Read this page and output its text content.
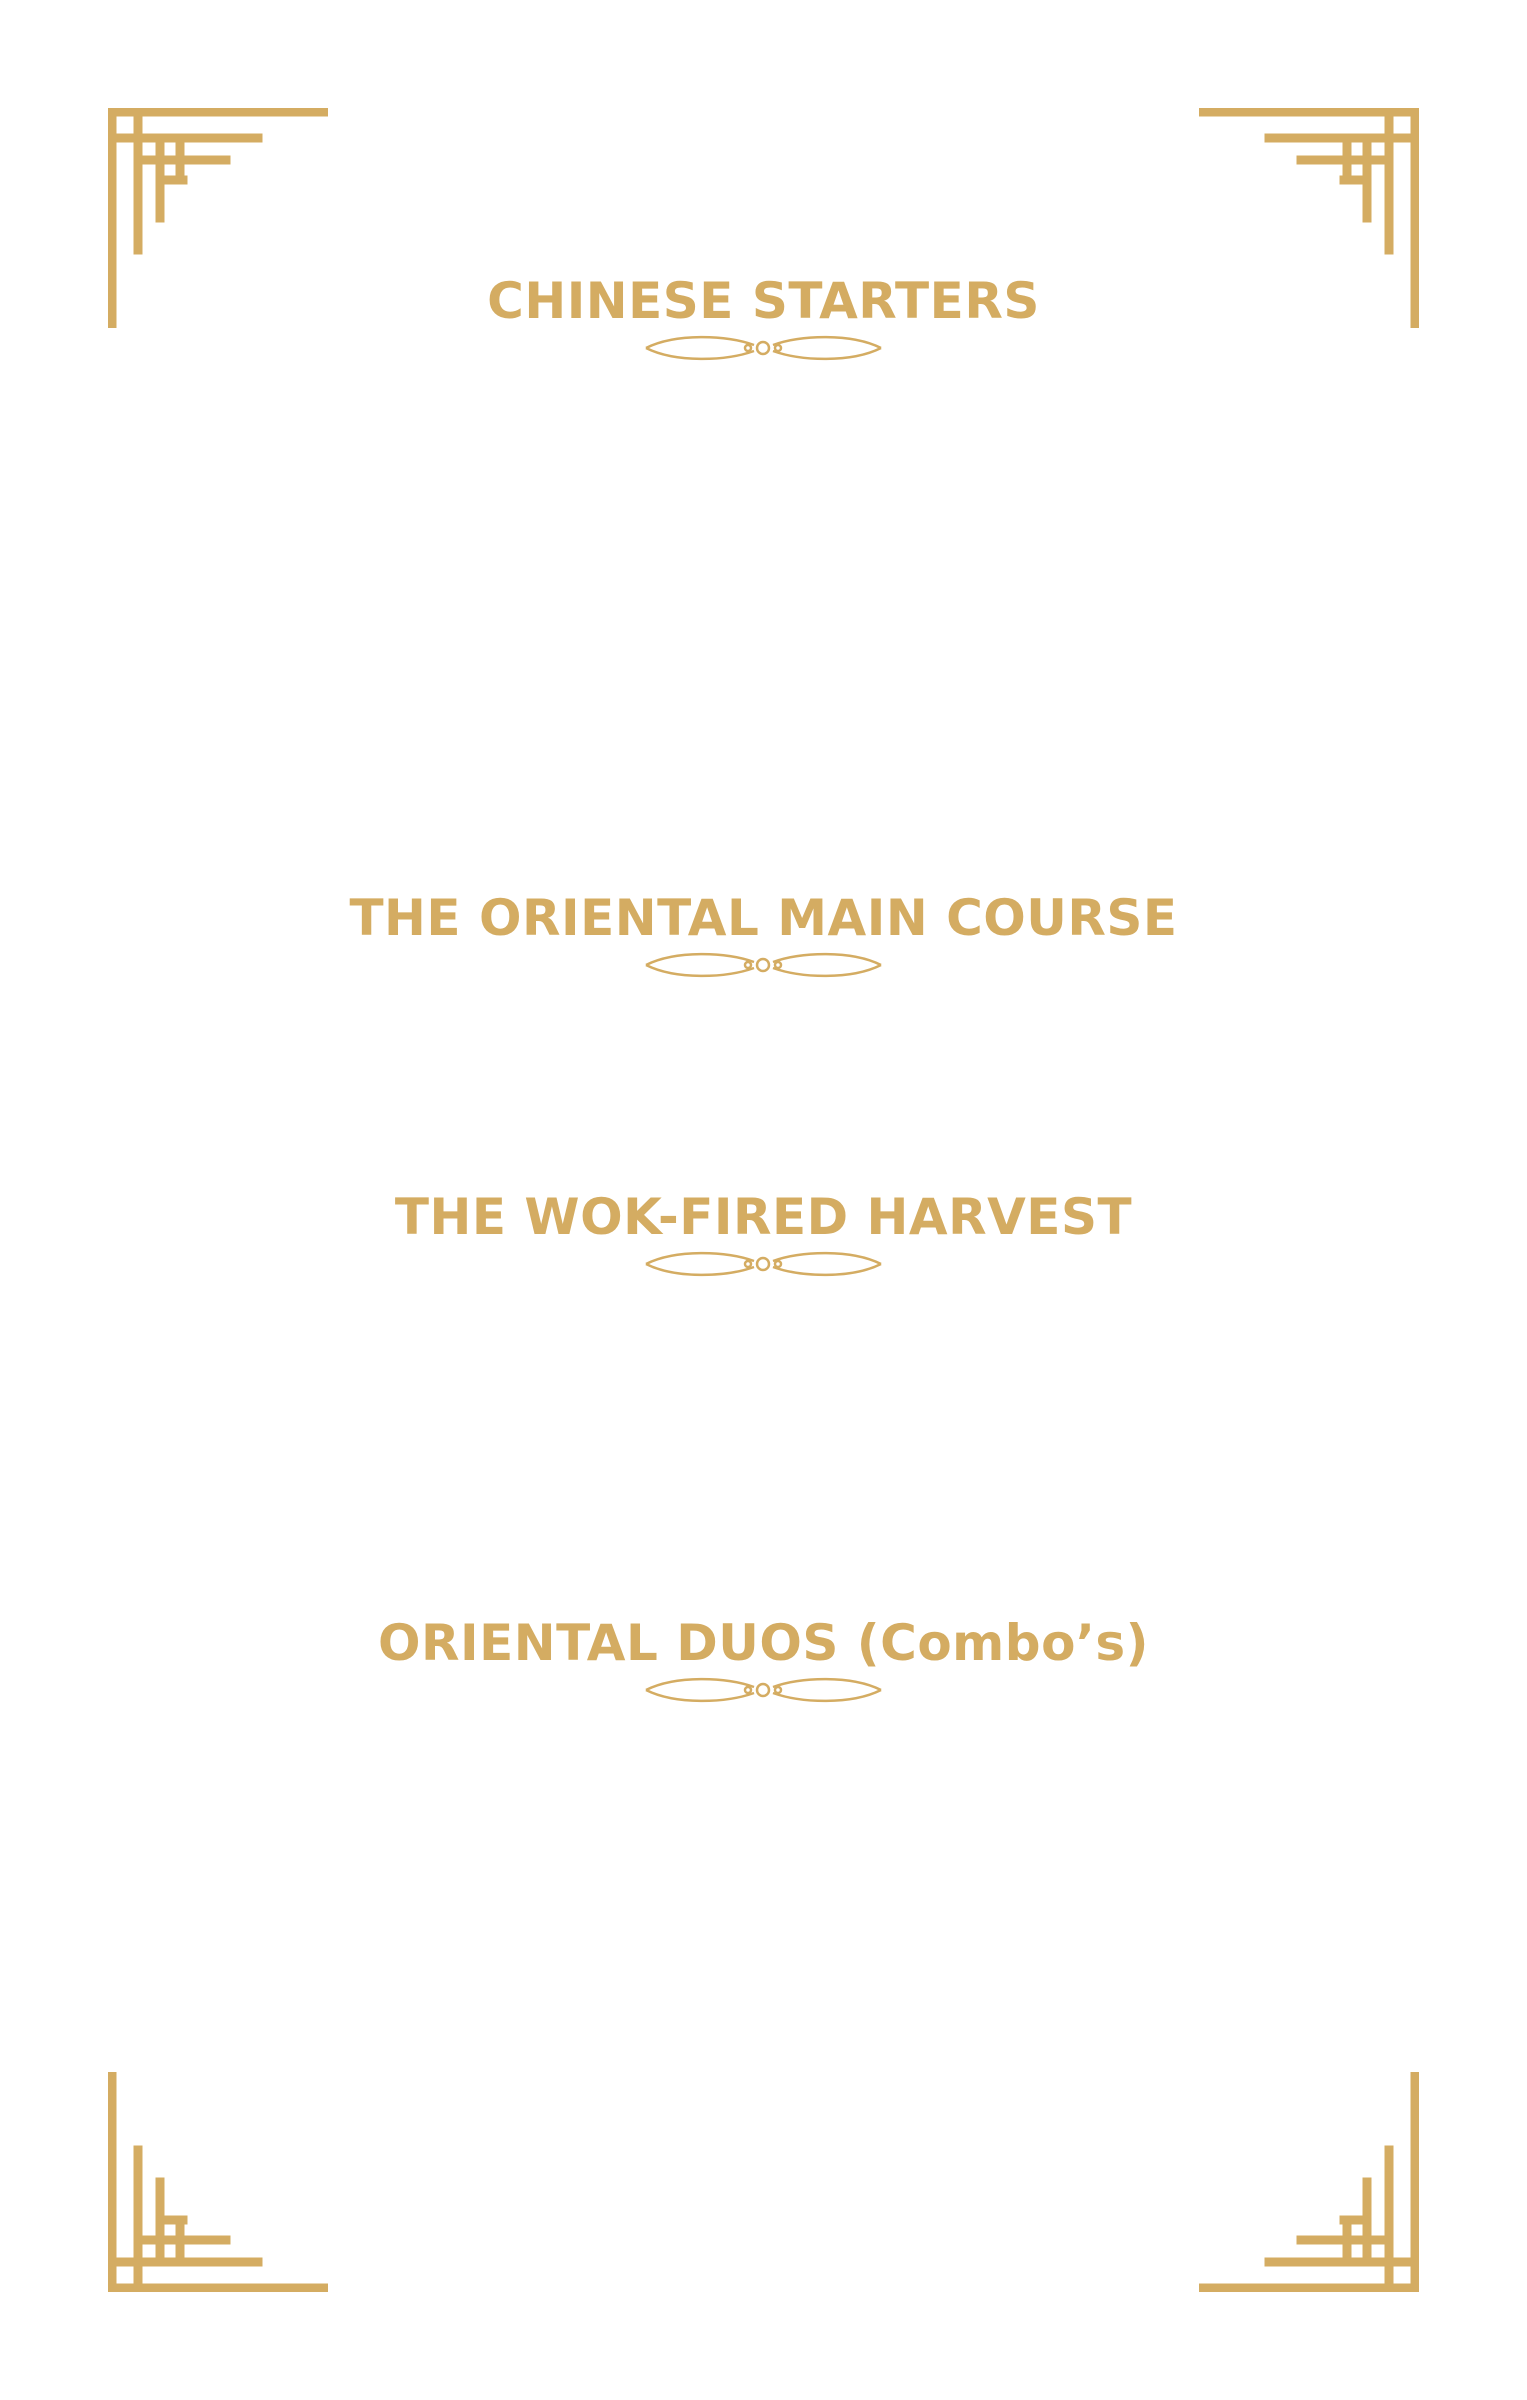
CHINESE STARTERS
French Fries (Classic Salted)	₹125
French Fries Peri Peri	₹135
Honey Chilli Potato	₹170
Veg Manchurian (Dry)	₹195
Paneer Chilli (Dry)	₹225
Chilly Mushroom	₹225
Crispy Chilly Baby Corn	₹195
Corn Salt and Pepper	₹165
THE ORIENTAL MAIN COURSE
Veg Manchurian Gravy	₹195
Veg Mushroom Gravy	₹240
Paneer in Schezwan Sauce	₹240
THE WOK-FIRED HARVEST
Veg Fried Rice / Noodles	₹165
Schezwan Fried Rice / Noodles	₹175
Burnt Garlic Fried Rice / Noodles	₹175
Veg Hakka Rice / Noodles	₹165
Singapore Style Rice / Noodles	₹175
ORIENTAL DUOS (Combo’s)
The Manchurian Harvest Duo
(Veg Manchurian Gravy + Choice of Veg Fried Rice / Noodles)
₹350
The Sichuan Paneer Indulgence
(Paneer in Schezwan Sauce + Choice of Veg Fried Rice / Noodles)
₹370
Triple Fried Schezwan
(Rice + Noodles + Gravy + Crispy Noodles)
₹285
